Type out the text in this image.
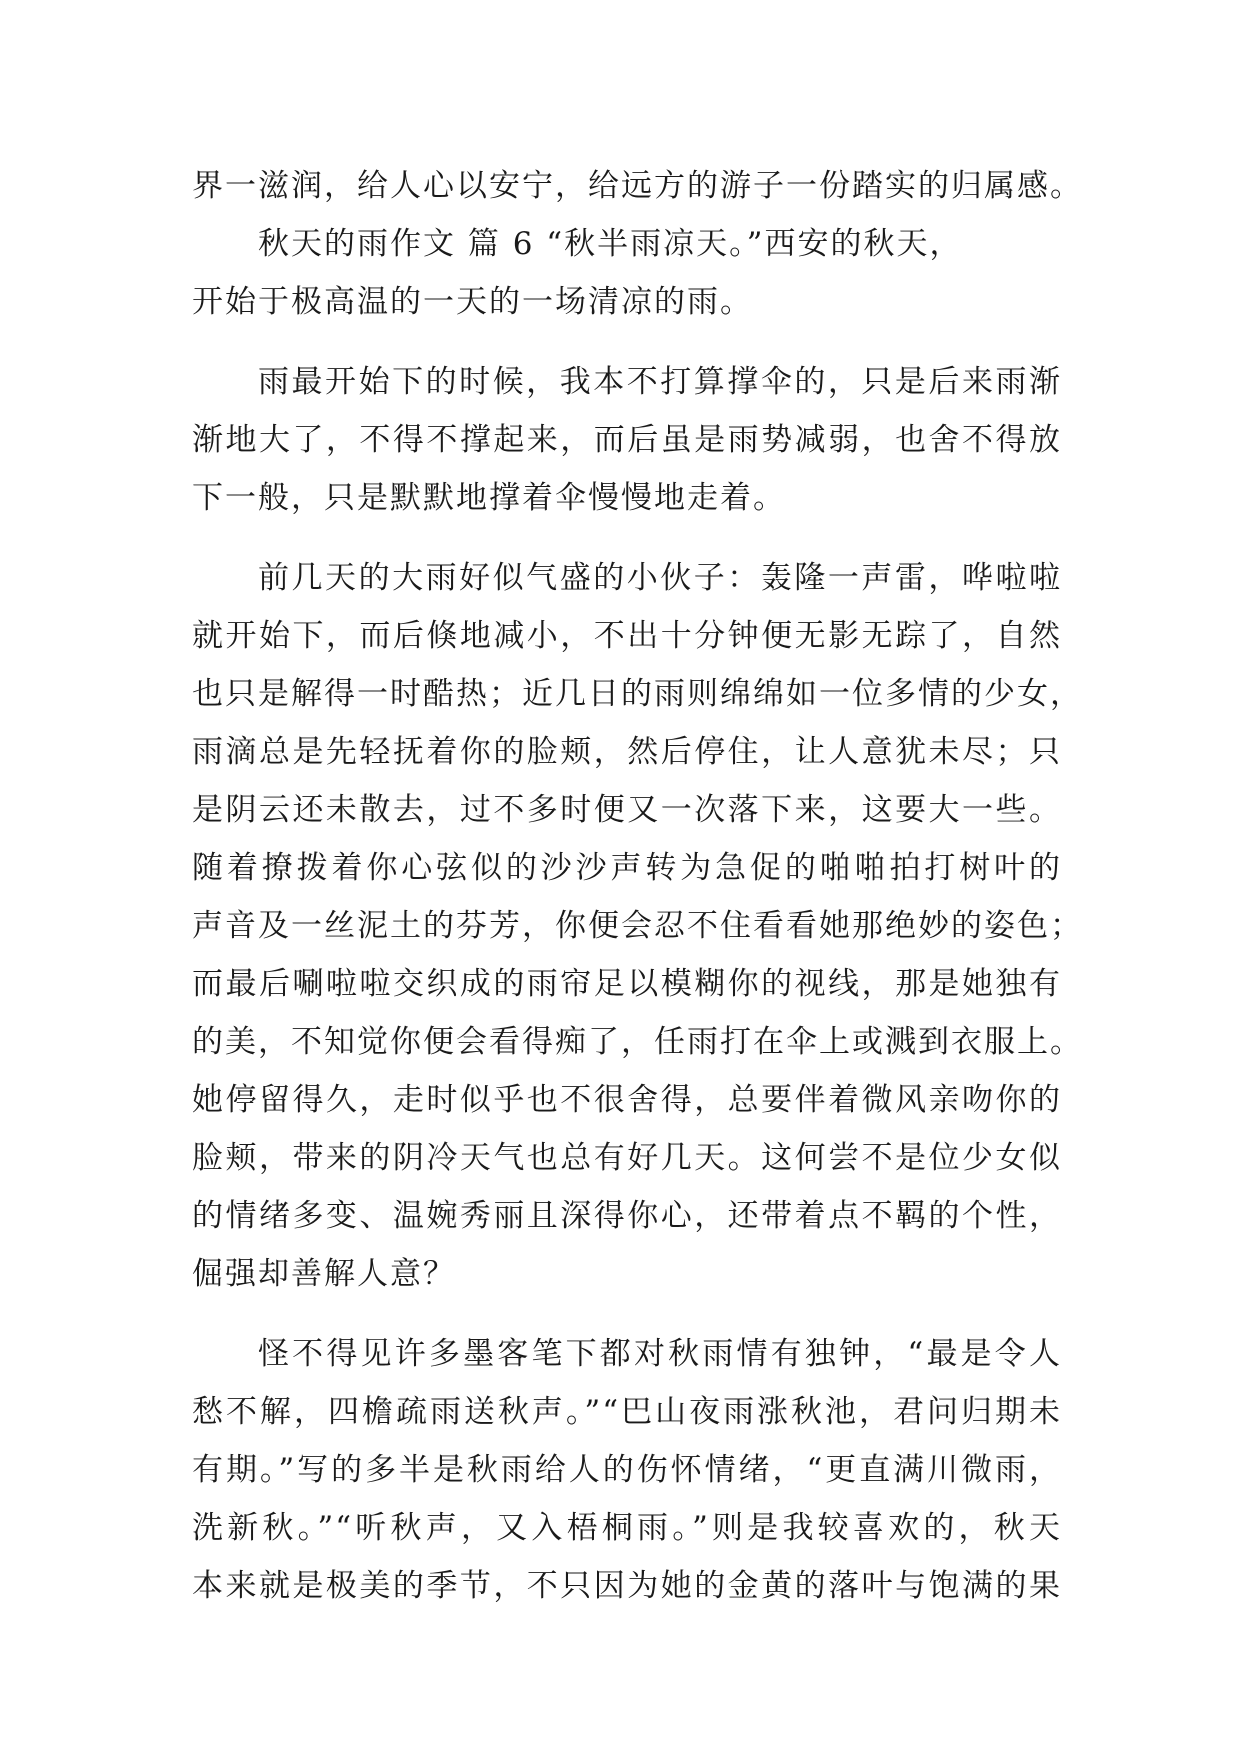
界一滋润，给人心以安宁，给远方的游子一份踏实的归属感。
秋天的雨作文 篇 6 “秋半雨凉天。”西安的秋天，
开始于极高温的一天的一场清凉的雨。
雨最开始下的时候，我本不打算撑伞的，只是后来雨渐
渐地大了，不得不撑起来，而后虽是雨势减弱，也舍不得放
下一般，只是默默地撑着伞慢慢地走着。
前几天的大雨好似气盛的小伙子：轰隆一声雷，哗啦啦
就开始下，而后倏地减小，不出十分钟便无影无踪了，自然
也只是解得一时酷热；近几日的雨则绵绵如一位多情的少女，
雨滴总是先轻抚着你的脸颊，然后停住，让人意犹未尽；只
是阴云还未散去，过不多时便又一次落下来，这要大一些。
随着撩拨着你心弦似的沙沙声转为急促的啪啪拍打树叶的
声音及一丝泥土的芬芳，你便会忍不住看看她那绝妙的姿色；
而最后唰啦啦交织成的雨帘足以模糊你的视线，那是她独有
的美，不知觉你便会看得痴了，任雨打在伞上或溅到衣服上。
她停留得久，走时似乎也不很舍得，总要伴着微风亲吻你的
脸颊，带来的阴冷天气也总有好几天。这何尝不是位少女似
的情绪多变、温婉秀丽且深得你心，还带着点不羁的个性，
倔强却善解人意？
怪不得见许多墨客笔下都对秋雨情有独钟，“最是令人
愁不解，四檐疏雨送秋声。”“巴山夜雨涨秋池，君问归期未
有期。”写的多半是秋雨给人的伤怀情绪，“更直满川微雨，
洗新秋。”“听秋声，又入梧桐雨。”则是我较喜欢的，秋天
本来就是极美的季节，不只因为她的金黄的落叶与饱满的果
